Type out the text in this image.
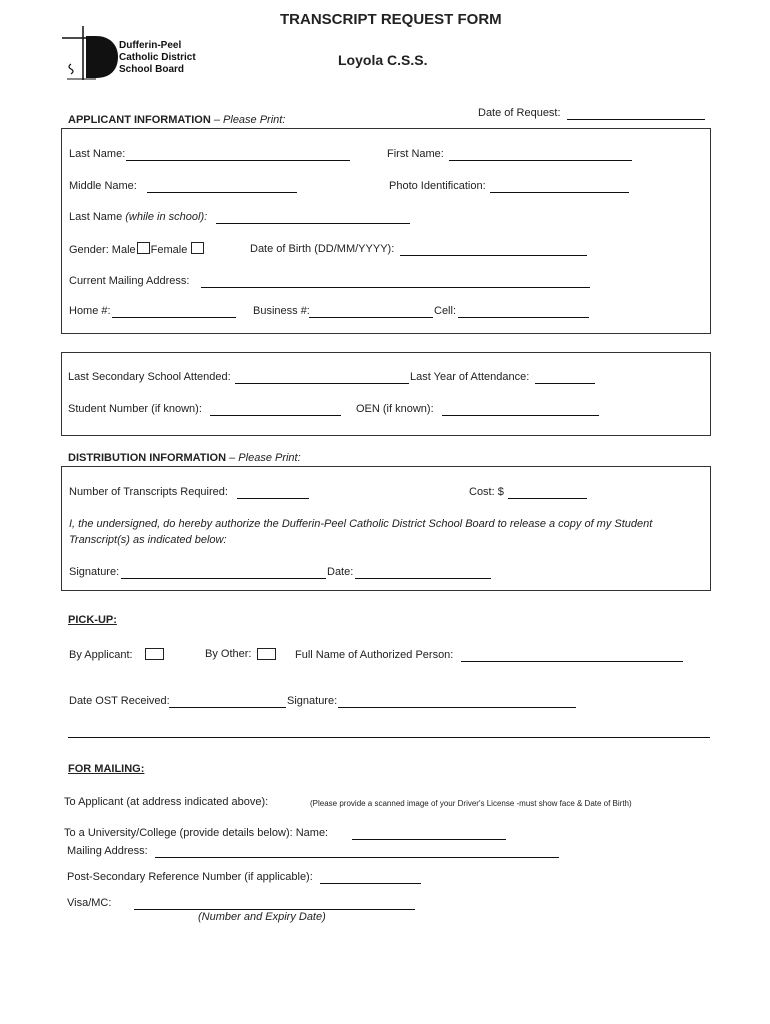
TRANSCRIPT REQUEST FORM
Loyola C.S.S.
Dufferin-Peel
Catholic District
School Board
APPLICANT INFORMATION – Please Print:
Date of Request:
Last Name:	First Name:
Middle Name:	Photo Identification:
Last Name (while in school):
Gender: Male Female	Date of Birth (DD/MM/YYYY):
Current Mailing Address:
Home #:	Business #:	Cell:
Last Secondary School Attended:	Last Year of Attendance:
Student Number (if known):	OEN (if known):
DISTRIBUTION INFORMATION – Please Print:
Number of Transcripts Required:	Cost: $
I, the undersigned, do hereby authorize the Dufferin-Peel Catholic District School Board to release a copy of my Student
Transcript(s) as indicated below:
Signature:	Date:
PICK-UP:
By Applicant:	By Other:	Full Name of Authorized Person:
Date OST Received:	Signature:
FOR MAILING:
To Applicant (at address indicated above):	(Please provide a scanned image of your Driver's License -must show face & Date of Birth)
To a University/College (provide details below): Name:
Mailing Address:
Post-Secondary Reference Number (if applicable):
Visa/MC:
(Number and Expiry Date)
